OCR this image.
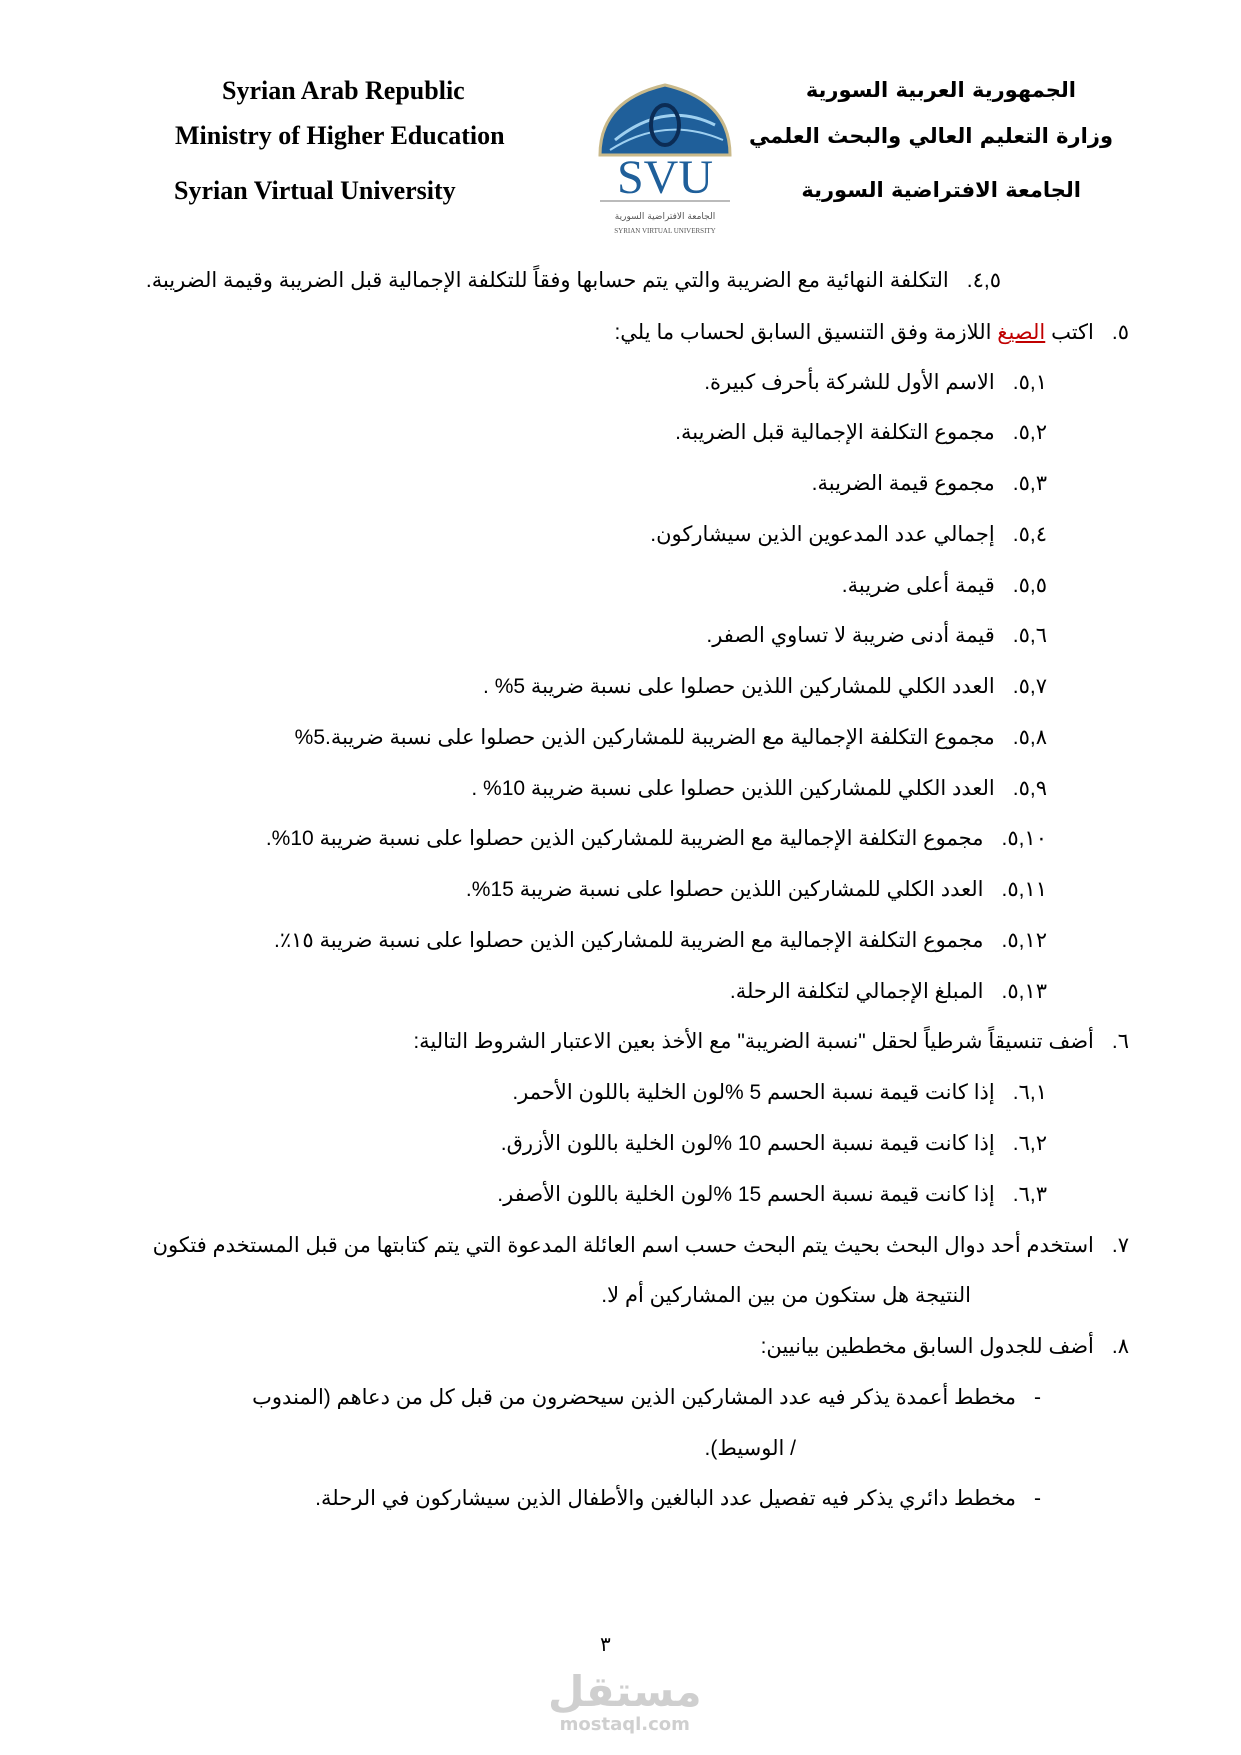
Syrian Arab Republic
Ministry of Higher Education
Syrian Virtual University
الجمهورية العربية السورية
وزارة التعليم العالي والبحث العلمي
الجامعة الافتراضية السورية
SVU
الجامعة الافتراضية السورية
SYRIAN VIRTUAL UNIVERSITY
٤,٥.التكلفة النهائية مع الضريبة والتي يتم حسابها وفقاً للتكلفة الإجمالية قبل الضريبة وقيمة الضريبة.
٥.اكتب الصيغ اللازمة وفق التنسيق السابق لحساب ما يلي:
٥,١.الاسم الأول للشركة بأحرف كبيرة.
٥,٢.مجموع التكلفة الإجمالية قبل الضريبة.
٥,٣.مجموع قيمة الضريبة.
٥,٤.إجمالي عدد المدعوين الذين سيشاركون.
٥,٥.قيمة أعلى ضريبة.
٥,٦.قيمة أدنى ضريبة لا تساوي الصفر.
٥,٧.العدد الكلي للمشاركين اللذين حصلوا على نسبة ضريبة 5% .
٥,٨.مجموع التكلفة الإجمالية مع الضريبة للمشاركين الذين حصلوا على نسبة ضريبة.5%
٥,٩.العدد الكلي للمشاركين اللذين حصلوا على نسبة ضريبة 10% .
٥,١٠.مجموع التكلفة الإجمالية مع الضريبة للمشاركين الذين حصلوا على نسبة ضريبة 10%.
٥,١١.العدد الكلي للمشاركين اللذين حصلوا على نسبة ضريبة 15%.
٥,١٢.مجموع التكلفة الإجمالية مع الضريبة للمشاركين الذين حصلوا على نسبة ضريبة ١٥٪.
٥,١٣.المبلغ الإجمالي لتكلفة الرحلة.
٦.أضف تنسيقاً شرطياً لحقل "نسبة الضريبة" مع الأخذ بعين الاعتبار الشروط التالية:
٦,١.إذا كانت قيمة نسبة الحسم 5 %لون الخلية باللون الأحمر.
٦,٢.إذا كانت قيمة نسبة الحسم 10 %لون الخلية باللون الأزرق.
٦,٣.إذا كانت قيمة نسبة الحسم 15 %لون الخلية باللون الأصفر.
٧.استخدم أحد دوال البحث بحيث يتم البحث حسب اسم العائلة المدعوة التي يتم كتابتها من قبل المستخدم فتكون
النتيجة هل ستكون من بين المشاركين أم لا.
٨.أضف للجدول السابق مخططين بيانيين:
-مخطط أعمدة يذكر فيه عدد المشاركين الذين سيحضرون من قبل كل من دعاهم (المندوب
/ الوسيط).
-مخطط دائري يذكر فيه تفصيل عدد البالغين والأطفال الذين سيشاركون في الرحلة.
٣
مستقل
mostaql.com
